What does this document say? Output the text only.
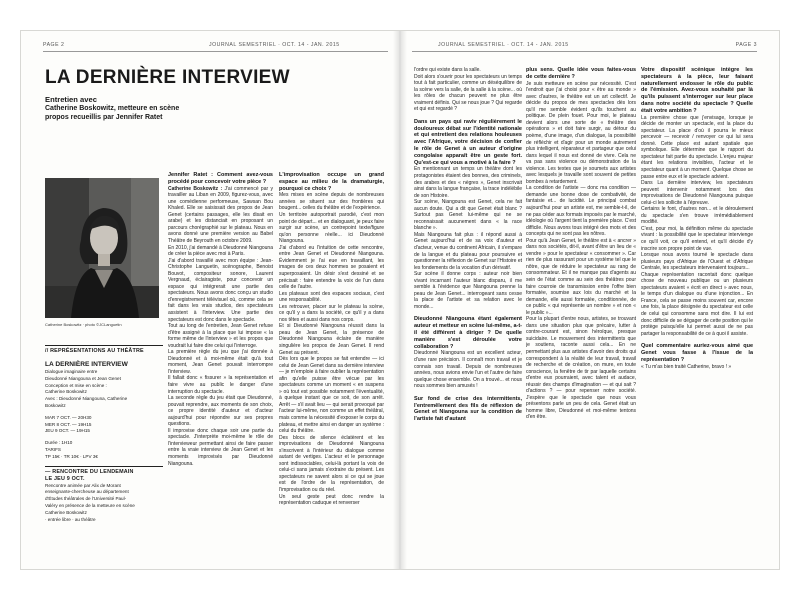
PAGE 2	JOURNAL SEMESTRIEL · OCT. 14 - JAN. 2015
LA DERNIÈRE INTERVIEW
Entretien avec
Catherine Boskowitz, metteure en scène
propos recueillis par Jennifer Ratet
Catherine Boskowitz · photo ©JCLanguetin
// REPRÉSENTATIONS AU THÉÂTRE
LA DERNIÈRE INTERVIEW
Dialogue imaginaire entre
Dieudonné Niangouna et Jean Genet
Conception et mise en scène :
Catherine Boskowitz
Avec : Dieudonné Niangouna, Catherine
Boskowitz
MAR 7 OCT. — 20H30
MER 8 OCT. — 19H15
JEU 9 OCT. — 19H15
Durée : 1H10
TARIFS
TP 15€ · TR 10€ · LPV 3€
— RENCONTRE DU LENDEMAIN
LE JEU 9 OCT.
Rencontre animée par Alix de Morant
enseignante-chercheuse au département
d'Études théâtrales de l'Université Paul-
Valéry en présence de la metteure en scène
Catherine Boskowitz
· entrée libre · au théâtre

Jennifer Ratet : Comment avez-vous procédé pour concevoir votre pièce ?

Catherine Boskowitz : J'ai commencé par y travailler au Liban en 2009, figurez-vous, avec une comédienne performeuse, Sawsan Bou Khaled. Elle se saisissait des propos de Jean Genet (certains passages, elle les disait en arabe) et les distanciait en proposant un parcours chorégraphié sur le plateau. Nous en avons donné une première version au Babel Théâtre de Beyrouth en octobre 2009.

En 2010, j'ai demandé à Dieudonné Niangouna de créer la pièce avec moi à Paris.

J'ai d'abord travaillé avec mon équipe : Jean-Christophe Languetin, scénographe, Benoist Bouvot, compositeur sonore, Laurent Vergnaud, éclairagiste, pour concevoir un espace qui intégrerait une partie des spectateurs. Nous avons donc conçu un studio d'enregistrement télévisuel où, comme cela se fait dans les vrais studios, des spectateurs assistent à l'interview. Une partie des spectateurs est donc dans le spectacle.

Tout au long de l'entretien, Jean Genet refuse d'être assigné à la place que lui impose « la forme même de l'interview » et les propos que voudrait lui faire dire celui qui l'interroge.

La première règle du jeu que j'ai donnée à Dieudonné et à moi-même était qu'à tout moment, Jean Genet pouvait interrompre l'interview.

Il fallait donc « fissurer » la représentation et faire vivre au public le danger d'une interruption du spectacle.

La seconde règle du jeu était que Dieudonné, pouvait reprendre, aux moments de son choix, ce propre identité d'auteur et d'acteur aujourd'hui pour répondre sur ses propres questions.

Il improvise donc chaque soir une partie du spectacle. J'interprète moi-même le rôle de l'intervieweur permettant ainsi de faire passer entre la vraie interview de Jean Genet et les moments improvisés par Dieudonné Niangouna.

L'improvisation occupe un grand espace au milieu de la dramaturgie, pourquoi ce choix ?

Mes mises en scène depuis de nombreuses années se situent sur des frontières qui bougent... celles du théâtre et de l'expérience.

Un territoire autoportrait parodié, c'est mon point de départ... et en dialoguant, je peux faire surgir sur scène, un contrepoint texte/figure qu'on personne réelle... ici Dieudonné Niangouna.

J'ai d'abord eu l'intuition de cette rencontre, entre Jean Genet et Dieudonné Niangouna. Évidemment je l'ai eue en travaillant, les images de ces deux hommes se posaient et superposaient. Un désir s'est dessiné et se précisait : faire entendre la voix de l'un dans celle de l'autre.

Les plateaux sont des espaces sociaux, c'est une responsabilité.

Les retrouver, placer sur le plateau la scène, ce qu'il y a dans la société, ce qu'il y a dans nos têtes et aussi dans nos corps.

Et si Dieudonné Niangouna réussit dans la peau de Jean Genet, la présence de Dieudonné Niangouna éclaire de manière singulière les propos de Jean Genet. Il rend Genet au présent.

Dès lors que le propos se fait entendre — ici celui de Jean Genet dans sa dernière interview — je m'emploie à faire oublier la représentation afin qu'elle puisse être vécue par les spectateurs comme un moment « en suspens » où tout est possible notamment l'éventualité, à quelque instant que ce soit, de son arrêt. Arrêt — s'il avait lieu — qui serait provoqué par l'acteur lui-même, non comme un effet théâtral, mais comme la nécessité d'exposer le corps du plateau, et mettre ainsi en danger un système : celui du théâtre.

Des blocs de silence éclatèrent et les improvisations de Dieudonné Niangouna s'inscrivent à l'intérieur du dialogue comme autant de vertiges. L'acteur et le personnage sont indissociables, celui-là portant la voix de celui-ci sans jamais s'extraire du présent. Les spectateurs ne savent alors si ce qui se joue est de l'ordre de la représentation, de l'improvisation ou du réel.

Un seul geste peut donc rendre la représentation caduque et renverser

JOURNAL SEMESTRIEL · OCT. 14 - JAN. 2015	PAGE 3

l'ordre qui existe dans la salle.

Doit alors s'ouvrir pour les spectateurs un temps tout à fait particulier, comme un déséquilibre de la scène vers la salle, de la salle à la scène... où les rôles de chacun peuvent ne plus être vraiment définis. Qui se nous joue ? Qui regarde et qui est regardé ?

Dans un pays qui raviv régulièrement le douloureux débat sur l'identité nationale et qui entretient des relations houleuses avec l'Afrique, votre décision de confier le rôle de Genet à un auteur d'origine congolaise apparaît être un geste fort. Qu'est-ce qui vous a motivé à la faire ?

En mentionnant un temps un théâtre dont les protagonistes étaient des bonnes, des criminels, des arabes et des « nègres », Genet inscrivait ainsi dans la langue française, la trace indélébile de son Histoire.

Sur scène, Niangouna est Genet, cela ne fait aucun doute. Qui a dit que Genet était blanc ? Surtout pas Genet lui-même qui ne se reconnaissait aucunement dans « la race blanche ».

Mais Niangouna fait plus : il répond aussi à Genet aujourd'hui et de sa voix d'auteur et d'acteur, venue du continent Africain, il s'empare de la langue et du plateau pour poursuivre et questionner la réflexion de Genet sur l'Histoire et les fondements de la vocation d'un dérivatif.

Sur scène il donne corps : auteur noir bien vivant incarnant l'auteur blanc disparu, il me semble à l'évidence que Niangouna prenne la peau de Jean Genet... interrogeant sans cesse la place de l'artiste et sa relation avec le monde...

Dieudonné Niangouna étant également auteur et metteur en scène lui-même, a-t-il été différent à diriger ? De quelle manière s'est déroulée votre collaboration ?

Dieudonné Niangouna est un excellent acteur, d'une rare précision. Il connaît mon travail et je connais son travail. Depuis de nombreuses années, nous avions envie l'un et l'autre de faire quelque chose ensemble. On a trouvé... et nous nous sommes bien amusés !

Sur fond de crise des intermittents, l'entremêlement des fils de réflexion de Genet et Niangouna sur la condition de l'artiste fait d'autant

plus sens. Quelle idée vous faites-vous de cette dernière ?

Je suis metteure en scène par nécessité. C'est l'endroit que j'ai choisi pour « être au monde » avec d'autres, le théâtre est un art collectif. Je décide du propos de mes spectacles dès lors qu'il me semble évident qu'ils touchent au politique. De plein fouet. Pour moi, le plateau devient alors une sorte de « théâtre des opérations » et doit faire surgir, au détour du poème, d'une image, d'un dialogue, la possibilité de réfléchir et d'agir pour un monde autrement plus intelligent, réparateur et partageur que celui dans lequel il nous est donné de vivre. Cela ne va pas sans violence ou démonstration de la violence. Les textes que je soumets aux artistes avec lesquels je travaille sont souvent de petites bombes à retardement.

La condition de l'artiste — donc ma condition — demande une bonne dose de combativité, de fantaisie et... de lucidité. Le principal combat aujourd'hui pour un artiste est, me semble-t-il, de ne pas céder aux formats imposés par le marché, idéologie où l'argent tient la première place. C'est difficile. Nous avons tous intégré des mots et des concepts qui ne sont pas les nôtres.

Pour qu'à Jean Genet, le théâtre est à « ancrer » dans nos sociétés, dit-il, avant d'être un lieu de « vendre » pour le spectateur « consommer ». Car rien de plus rassurant pour un système tel que le nôtre, que de réduire le spectateur au rang de consommateur. Et il ne manque pas d'agents au sein de l'état comme au sein des théâtres pour faire courroie de transmission entre l'offre bien formatée, soumise aux lois du marché et la demande, elle aussi formatée, conditionnée, de ce public « qui représente un nombre » et non « le public »...

Pour la plupart d'entre nous, artistes, se trouvant dans une situation plus que précaire, lutter à contre-courant est, sinon héroïque, presque suicidaire. Le mouvement des intermittents que je soutiens, raconte aussi cela... En ne permettant plus aux artistes d'avoir des droits qui correspondent à la réalité de leur travail, travail de recherche et de création, on mure, en toute conscience, la fenêtre de tir par laquelle certains d'entre eux pourraient, avec talent et audace, réussir des champs d'imagination — et qui sait ? d'actions ? — pour repenser notre société. J'espère que le spectacle que nous vous présentons parle un peu de cela. Genet était un homme libre, Dieudonné et moi-même tentons d'en être.

Votre dispositif scénique intègre les spectateurs à la pièce, leur faisant naturellement endosser le rôle du public de l'émission. Avez-vous souhaité par là qu'ils puissent s'interroger sur leur place dans notre société du spectacle ? Quelle était votre ambition ?

La première chose que j'envisage, lorsque je décide de monter un spectacle, est la place du spectateur. La place d'où il pourra le mieux percevoir — recevoir / renvoyer ce qui lui sera donné. Cette place est autant spatiale que symbolique. Elle détermine que le rapport du spectateur fait partie du spectacle. L'enjeu majeur étant les relations invisibles, l'acteur et le spectateur quant à un moment. Quelque chose se passe entre eux et le spectacle advient.

Dans La dernière interview, les spectateurs peuvent intervenir notamment lors des improvisations de Dieudonné Niangouna puisque celui-ci les sollicite à l'épreuve.

Certains le font, d'autres non... et le déroulement du spectacle s'en trouve irrémédiablement modifié.

C'est, pour moi, la définition même du spectacle vivant : la possibilité que le spectateur intervienge ce qu'il voit, ce qu'il entend, et qu'il décide d'y inscrire son propre point de vue.

Lorsque nous avons tourné le spectacle dans plusieurs pays d'Afrique de l'Ouest et d'Afrique Centrale, les spectateurs intervenaient toujours...

Chaque représentation racontait donc quelque chose de nouveau publique ou un plusieurs spectateurs avaient « écrit en direct » avec nous, le temps d'un dialogue ou d'une injonction... En France, cela se passe moins souvent car, encore une fois, la place désignée du spectateur est celle de celui qui consomme sans mot dire. Il lui est donc difficile de se dégager de cette position qui le protège puisqu'elle lui permet aussi de ne pas partager la responsabilité de ce à quoi il assiste.

Quel commentaire auriez-vous aimé que Genet vous fasse à l'issue de la représentation ?

« Tu m'as bien traité Catherine, bravo ! »
